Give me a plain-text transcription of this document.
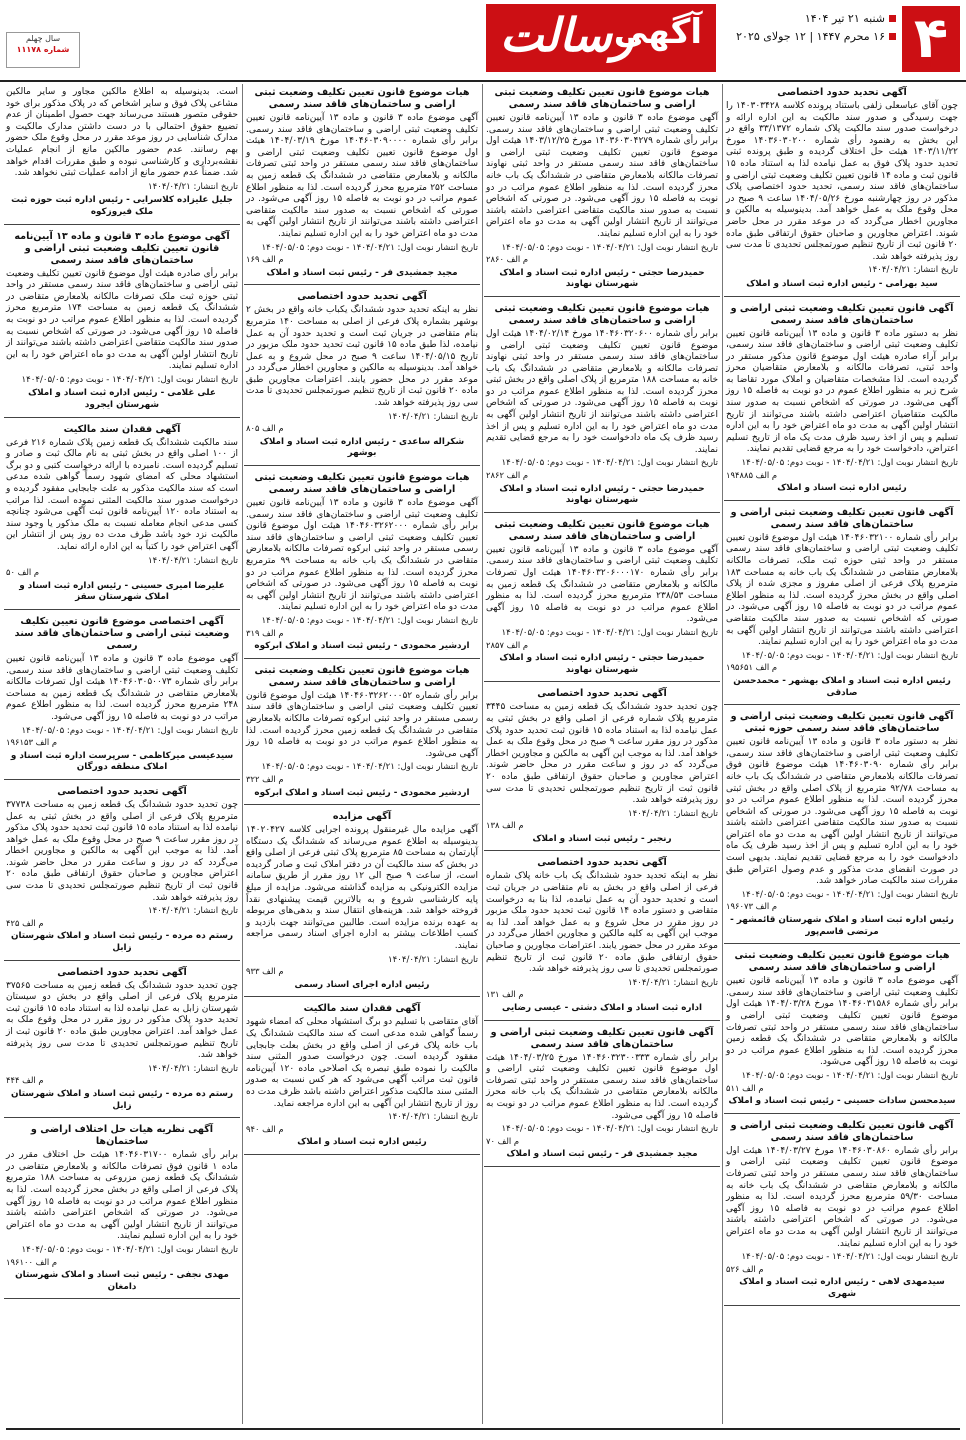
۴
شنبه ۲۱ تیر ۱۴۰۴
۱۶ محرم ۱۴۴۷ | ۱۲ جولای ۲۰۲۵
آگهی
رسالت
سال چهلم
شماره ۱۱۱۷۸
آگهی تحدید حدود اختصاصی

چون آقای عباسعلی زلفی باستناد پرونده کلاسه ۱۴۰۳۰۳۴۲۸ را جهت رسیدگی و صدور سند مالکیت به این اداره ارائه و درخواست صدور سند مالکیت پلاک شماره ۳۳/۱۳۷۲ واقع در این بخش به رهنمود رأی شماره ۱۴۰۳۶۰۳۰۲۰۰ مورخ ۱۴۰۳/۱۱/۲۲ هیئت حل اختلاف گردیده و طبق پرونده ثبتی تحدید حدود پلاک فوق به عمل نیامده لذا به استناد ماده ۱۵ قانون ثبت و ماده ۱۴ قانون تعیین تکلیف وضعیت ثبتی اراضی و ساختمان‌های فاقد سند رسمی، تحدید حدود اختصاصی پلاک مذکور در روز چهارشنبه مورخ ۱۴۰۴/۰۵/۲۶ ساعت ۹ صبح در محل وقوع ملک به عمل خواهد آمد. بدینوسیله به مالکین و مجاورین اخطار می‌گردد که در موعد مقرر در محل حاضر شوند. اعتراض مجاورین و صاحبان حقوق ارتفاقی طبق ماده ۲۰ قانون ثبت از تاریخ تنظیم صورتمجلس تحدیدی تا مدت سی روز پذیرفته خواهد شد.

تاریخ انتشار: ۱۴۰۴/۰۴/۲۱
سید بهرامی - رئیس اداره ثبت اسناد و املاک
آگهی قانون تعیین تکلیف وضعیت ثبتی اراضی و ساختمان‌های فاقد سند رسمی

نظر به دستور ماده ۳ قانون و ماده ۱۳ آیین‌نامه قانون تعیین تکلیف وضعیت ثبتی اراضی و ساختمان‌های فاقد سند رسمی، برابر آراء صادره هیئت اول موضوع قانون مذکور مستقر در واحد ثبتی، تصرفات مالکانه و بلامعارض متقاضیان محرز گردیده است. لذا مشخصات متقاضیان و املاک مورد تقاضا به شرح زیر به منظور اطلاع عموم در دو نوبت به فاصله ۱۵ روز آگهی می‌شود. در صورتی که اشخاص نسبت به صدور سند مالکیت متقاضیان اعتراضی داشته باشند می‌توانند از تاریخ انتشار اولین آگهی به مدت دو ماه اعتراض خود را به این اداره تسلیم و پس از اخذ رسید ظرف مدت یک ماه از تاریخ تسلیم اعتراض، دادخواست خود را به مرجع قضایی تقدیم نمایند.

تاریخ انتشار نوبت اول: ۱۴۰۴/۰۴/۲۱ - نوبت دوم: ۱۴۰۴/۰۵/۰۵
م الف ۱۹۴۸۸۵
رئیس اداره ثبت اسناد و املاک
آگهی قانون تعیین تکلیف وضعیت ثبتی اراضی و ساختمان‌های فاقد سند رسمی

برابر رأی شماره ۱۴۰۴۶۰۳۲۱۰۰ هیئت اول موضوع قانون تعیین تکلیف وضعیت ثبتی اراضی و ساختمان‌های فاقد سند رسمی مستقر در واحد ثبتی حوزه ثبت ملک، تصرفات مالکانه بلامعارض متقاضی در ششدانگ یک باب خانه به مساحت ۱۸۳ مترمربع پلاک فرعی از اصلی مفروز و مجزی شده از پلاک اصلی واقع در بخش محرز گردیده است. لذا به منظور اطلاع عموم مراتب در دو نوبت به فاصله ۱۵ روز آگهی می‌شود. در صورتی که اشخاص نسبت به صدور سند مالکیت متقاضی اعتراضی داشته باشند می‌توانند از تاریخ انتشار اولین آگهی به مدت دو ماه اعتراض خود را به این اداره تسلیم نمایند.

تاریخ انتشار نوبت اول: ۱۴۰۴/۰۴/۲۱ - نوبت دوم: ۱۴۰۴/۰۵/۰۵
م الف ۱۹۵۶۵۱
رئیس اداره ثبت اسناد و املاک بهشهر - محمدحسن صادقی
آگهی قانون تعیین تکلیف وضعیت ثبتی اراضی و ساختمان‌های فاقد سند رسمی حوزه ثبتی

نظر به دستور ماده ۳ قانون و ماده ۱۳ آیین‌نامه قانون تعیین تکلیف وضعیت ثبتی اراضی و ساختمان‌های فاقد سند رسمی، برابر رأی شماره ۱۴۰۴۶۰۳۰۹۰ هیئت موضوع قانون فوق تصرفات مالکانه بلامعارض متقاضی در ششدانگ یک باب خانه به مساحت ۹۲/۷۸ مترمربع از پلاک اصلی واقع در بخش ثبتی محرز گردیده است. لذا به منظور اطلاع عموم مراتب در دو نوبت به فاصله ۱۵ روز آگهی می‌شود. در صورتی که اشخاص نسبت به صدور سند مالکیت متقاضی اعتراضی داشته باشند می‌توانند از تاریخ انتشار اولین آگهی به مدت دو ماه اعتراض خود را به این اداره تسلیم و پس از اخذ رسید ظرف یک ماه دادخواست خود را به مرجع قضایی تقدیم نمایند. بدیهی است در صورت انقضای مدت مذکور و عدم وصول اعتراض طبق مقررات سند مالکیت صادر خواهد شد.

تاریخ انتشار نوبت اول: ۱۴۰۴/۰۴/۲۱ - نوبت دوم: ۱۴۰۴/۰۵/۰۵
م الف ۱۹۶۰۷۳
رئیس اداره ثبت اسناد و املاک شهرستان قائمشهر - مرتضی قاسم‌پور
هیات موضوع قانون تعیین تکلیف وضعیت ثبتی اراضی و ساختمان‌های فاقد سند رسمی

آگهی موضوع ماده ۳ قانون و ماده ۱۳ آیین‌نامه قانون تعیین تکلیف وضعیت ثبتی اراضی و ساختمان‌های فاقد سند رسمی. برابر رأی شماره ۱۴۰۴۶۰۳۱۵۸۶ مورخ ۱۴۰۴/۰۳/۲۸ هیئت اول موضوع قانون تعیین تکلیف وضعیت ثبتی اراضی و ساختمان‌های فاقد سند رسمی مستقر در واحد ثبتی تصرفات مالکانه و بلامعارض متقاضی در ششدانگ یک قطعه زمین محرز گردیده است. لذا به منظور اطلاع عموم مراتب در دو نوبت به فاصله ۱۵ روز آگهی می‌شود.

تاریخ انتشار نوبت اول: ۱۴۰۴/۰۴/۲۱ - نوبت دوم: ۱۴۰۴/۰۵/۰۵
م الف ۵۱۱
سیدمحسن سادات حسینی - رئیس ثبت اسناد و املاک
آگهی قانون تعیین تکلیف وضعیت ثبتی اراضی و ساختمان‌های فاقد سند رسمی

برابر رأی شماره ۱۴۰۴۶۰۳۰۸۶۰ مورخ ۱۴۰۴/۰۳/۲۷ هیئت اول موضوع قانون تعیین تکلیف وضعیت ثبتی اراضی و ساختمان‌های فاقد سند رسمی مستقر در واحد ثبتی تصرفات مالکانه و بلامعارض متقاضی در ششدانگ یک باب خانه به مساحت ۵۹/۳۰ مترمربع محرز گردیده است. لذا به منظور اطلاع عموم مراتب در دو نوبت به فاصله ۱۵ روز آگهی می‌شود. در صورتی که اشخاص اعتراضی داشته باشند می‌توانند از تاریخ انتشار اولین آگهی به مدت دو ماه اعتراض خود را به این اداره تسلیم نمایند.

تاریخ انتشار نوبت اول: ۱۴۰۴/۰۴/۲۱ - نوبت دوم: ۱۴۰۴/۰۵/۰۵
م الف ۵۲۶
سیدمهدی لاهی - رئیس اداره ثبت اسناد و املاک شهری
هیات موضوع قانون تعیین تکلیف وضعیت ثبتی اراضی و ساختمان‌های فاقد سند رسمی

آگهی موضوع ماده ۳ قانون و ماده ۱۳ آیین‌نامه قانون تعیین تکلیف وضعیت ثبتی اراضی و ساختمان‌های فاقد سند رسمی. برابر رأی شماره ۱۴۰۳۶۰۳۰۴۲۷۹ مورخ ۱۴۰۳/۱۲/۲۵ هیئت اول موضوع قانون تعیین تکلیف وضعیت ثبتی اراضی و ساختمان‌های فاقد سند رسمی مستقر در واحد ثبتی نهاوند تصرفات مالکانه بلامعارض متقاضی در ششدانگ یک باب خانه محرز گردیده است. لذا به منظور اطلاع عموم مراتب در دو نوبت به فاصله ۱۵ روز آگهی می‌شود. در صورتی که اشخاص نسبت به صدور سند مالکیت متقاضی اعتراضی داشته باشند می‌توانند از تاریخ انتشار اولین آگهی به مدت دو ماه اعتراض خود را به این اداره تسلیم نمایند.

تاریخ انتشار نوبت اول: ۱۴۰۴/۰۴/۲۱ - نوبت دوم: ۱۴۰۴/۰۵/۰۵
م الف ۲۸۶۰
حمیدرضا حجتی - رئیس اداره ثبت اسناد و املاک شهرستان نهاوند
هیات موضوع قانون تعیین تکلیف وضعیت ثبتی اراضی و ساختمان‌های فاقد سند رسمی

برابر رأی شماره ۱۴۰۴۶۰۳۲۰۶۰۰ مورخ ۱۴۰۴/۰۲/۱۴ هیئت اول موضوع قانون تعیین تکلیف وضعیت ثبتی اراضی و ساختمان‌های فاقد سند رسمی مستقر در واحد ثبتی نهاوند تصرفات مالکانه و بلامعارض متقاضی در ششدانگ یک باب خانه به مساحت ۱۸۸ مترمربع از پلاک اصلی واقع در بخش ثبتی محرز گردیده است. لذا به منظور اطلاع عموم مراتب در دو نوبت به فاصله ۱۵ روز آگهی می‌شود. در صورتی که اشخاص اعتراضی داشته باشند می‌توانند از تاریخ انتشار اولین آگهی به مدت دو ماه اعتراض خود را به این اداره تسلیم و پس از اخذ رسید ظرف یک ماه دادخواست خود را به مرجع قضایی تقدیم نمایند.

تاریخ انتشار نوبت اول: ۱۴۰۴/۰۴/۲۱ - نوبت دوم: ۱۴۰۴/۰۵/۰۵
م الف ۲۸۶۲
حمیدرضا حجتی - رئیس اداره ثبت اسناد و املاک شهرستان نهاوند
هیات موضوع قانون تعیین تکلیف وضعیت ثبتی اراضی و ساختمان‌های فاقد سند رسمی

آگهی موضوع ماده ۳ قانون و ماده ۱۳ آیین‌نامه قانون تعیین تکلیف وضعیت ثبتی اراضی و ساختمان‌های فاقد سند رسمی. برابر رأی شماره ۱۴۰۴۶۰۳۲۰۶۰۰۰۱۷۰ هیئت اول تصرفات مالکانه و بلامعارض متقاضی در ششدانگ یک قطعه زمین به مساحت ۲۳۸/۵۳ مترمربع محرز گردیده است. لذا به منظور اطلاع عموم مراتب در دو نوبت به فاصله ۱۵ روز آگهی می‌شود.

تاریخ انتشار نوبت اول: ۱۴۰۴/۰۴/۲۱ - نوبت دوم: ۱۴۰۴/۰۵/۰۵
م الف ۲۸۵۷
حمیدرضا حجتی - رئیس اداره ثبت اسناد و املاک شهرستان نهاوند
آگهی تحدید حدود اختصاصی

چون تحدید حدود ششدانگ یک قطعه زمین به مساحت ۳۴۴۵ مترمربع پلاک شماره فرعی از اصلی واقع در بخش ثبتی به عمل نیامده لذا به استناد ماده ۱۵ قانون ثبت تحدید حدود پلاک مذکور در روز مقرر ساعت ۹ صبح در محل وقوع ملک به عمل خواهد آمد. لذا به موجب این آگهی به مالکین و مجاورین اخطار می‌گردد که در روز و ساعت مقرر در محل حاضر شوند. اعتراض مجاورین و صاحبان حقوق ارتفاقی طبق ماده ۲۰ قانون ثبت از تاریخ تنظیم صورتمجلس تحدیدی تا مدت سی روز پذیرفته خواهد شد.

تاریخ انتشار: ۱۴۰۴/۰۴/۲۱
م الف ۱۳۸
رنجبر - رئیس ثبت اسناد و املاک
آگهی تحدید حدود اختصاصی

نظر به اینکه تحدید حدود ششدانگ یک باب خانه پلاک شماره فرعی از اصلی واقع در بخش به نام متقاضی در جریان ثبت است و تحدید حدود آن به عمل نیامده، لذا بنا به درخواست متقاضی و دستور ماده ۱۴ قانون ثبت تحدید حدود ملک مزبور در روز مقرر در محل شروع و به عمل خواهد آمد. لذا به موجب این آگهی به کلیه مالکین و مجاورین اخطار می‌گردد در موعد مقرر در محل حضور یابند. اعتراضات مجاورین و صاحبان حقوق ارتفاقی طبق ماده ۲۰ قانون ثبت از تاریخ تنظیم صورتمجلس تحدیدی تا سی روز پذیرفته خواهد شد.

تاریخ انتشار: ۱۴۰۴/۰۴/۲۱
م الف ۱۳۱
اداره ثبت اسناد و املاک دشتی - عیسی رضایی
آگهی قانون تعیین تکلیف وضعیت ثبتی اراضی و ساختمان‌های فاقد سند رسمی

برابر رأی شماره ۱۴۰۴۶۰۳۲۳۰۰۳۳۳ مورخ ۱۴۰۴/۰۳/۲۵ هیئت اول موضوع قانون تعیین تکلیف وضعیت ثبتی اراضی و ساختمان‌های فاقد سند رسمی مستقر در واحد ثبتی تصرفات مالکانه بلامعارض متقاضی در ششدانگ یک باب خانه محرز گردیده است. لذا به منظور اطلاع عموم مراتب در دو نوبت به فاصله ۱۵ روز آگهی می‌شود.

تاریخ انتشار نوبت اول: ۱۴۰۴/۰۴/۲۱ - نوبت دوم: ۱۴۰۴/۰۵/۰۵
م الف ۷۰
مجید جمشیدی فر - رئیس ثبت اسناد و املاک
هیات موضوع قانون تعیین تکلیف وضعیت ثبتی اراضی و ساختمان‌های فاقد سند رسمی

آگهی موضوع ماده ۳ قانون و ماده ۱۳ آیین‌نامه قانون تعیین تکلیف وضعیت ثبتی اراضی و ساختمان‌های فاقد سند رسمی. برابر رأی شماره ۱۴۰۴۶۰۳۰۹۰۰۰۰ مورخ ۱۴۰۴/۰۳/۱۹ هیئت اول موضوع قانون تعیین تکلیف وضعیت ثبتی اراضی و ساختمان‌های فاقد سند رسمی مستقر در واحد ثبتی تصرفات مالکانه و بلامعارض متقاضی در ششدانگ یک قطعه زمین به مساحت ۲۵۲ مترمربع محرز گردیده است. لذا به منظور اطلاع عموم مراتب در دو نوبت به فاصله ۱۵ روز آگهی می‌شود. در صورتی که اشخاص نسبت به صدور سند مالکیت متقاضی اعتراضی داشته باشند می‌توانند از تاریخ انتشار اولین آگهی به مدت دو ماه اعتراض خود را به این اداره تسلیم نمایند.

تاریخ انتشار نوبت اول: ۱۴۰۴/۰۴/۲۱ - نوبت دوم: ۱۴۰۴/۰۵/۰۵
م الف ۱۶۹
مجید جمشیدی فر - رئیس ثبت اسناد و املاک
آگهی تحدید حدود اختصاصی

نظر به اینکه تحدید حدود ششدانگ یکباب خانه واقع در بخش ۲ بوشهر بشماره پلاک فرعی از اصلی به مساحت ۱۴۰ مترمربع بنام متقاضی در جریان ثبت است و تحدید حدود آن به عمل نیامده، لذا طبق ماده ۱۵ قانون ثبت تحدید حدود ملک مزبور در تاریخ ۱۴۰۴/۰۵/۱۵ ساعت ۹ صبح در محل شروع و به عمل خواهد آمد. بدینوسیله به مالکین و مجاورین اخطار می‌گردد در موعد مقرر در محل حضور یابند. اعتراضات مجاورین طبق ماده ۲۰ قانون ثبت از تاریخ تنظیم صورتمجلس تحدیدی تا مدت سی روز پذیرفته خواهد شد.

تاریخ انتشار: ۱۴۰۴/۰۴/۲۱
م الف ۸۰۵
شکراله ساعدی - رئیس اداره ثبت اسناد و املاک بوشهر
هیات موضوع قانون تعیین تکلیف وضعیت ثبتی اراضی و ساختمان‌های فاقد سند رسمی

آگهی موضوع ماده ۳ قانون و ماده ۱۳ آیین‌نامه قانون تعیین تکلیف وضعیت ثبتی اراضی و ساختمان‌های فاقد سند رسمی. برابر رأی شماره ۱۴۰۴۶۰۳۲۶۲۰۰۰ هیئت اول موضوع قانون تعیین تکلیف وضعیت ثبتی اراضی و ساختمان‌های فاقد سند رسمی مستقر در واحد ثبتی ابرکوه تصرفات مالکانه بلامعارض متقاضی در ششدانگ یک باب خانه به مساحت ۹۹ مترمربع محرز گردیده است. لذا به منظور اطلاع عموم مراتب در دو نوبت به فاصله ۱۵ روز آگهی می‌شود. در صورتی که اشخاص اعتراضی داشته باشند می‌توانند از تاریخ انتشار اولین آگهی به مدت دو ماه اعتراض خود را به این اداره تسلیم نمایند.

تاریخ انتشار نوبت اول: ۱۴۰۴/۰۴/۲۱ - نوبت دوم: ۱۴۰۴/۰۵/۰۵
م الف ۳۱۹
اردشیر محمودی - رئیس ثبت اسناد و املاک ابرکوه
هیات موضوع قانون تعیین تکلیف وضعیت ثبتی اراضی و ساختمان‌های فاقد سند رسمی

برابر رأی شماره ۱۴۰۴۶۰۳۲۶۲۰۰۰۵۲ هیئت اول موضوع قانون تعیین تکلیف وضعیت ثبتی اراضی و ساختمان‌های فاقد سند رسمی مستقر در واحد ثبتی ابرکوه تصرفات مالکانه بلامعارض متقاضی در ششدانگ یک قطعه زمین محرز گردیده است. لذا به منظور اطلاع عموم مراتب در دو نوبت به فاصله ۱۵ روز آگهی می‌شود.

تاریخ انتشار نوبت اول: ۱۴۰۴/۰۴/۲۱ - نوبت دوم: ۱۴۰۴/۰۵/۰۵
م الف ۳۲۲
اردشیر محمودی - رئیس ثبت اسناد و املاک ابرکوه
آگهی مزایده

آگهی مزایده مال غیرمنقول پرونده اجرایی کلاسه ۱۴۰۲۰۴۲۷ بدینوسیله به اطلاع عموم می‌رساند که ششدانگ یک دستگاه آپارتمان به مساحت ۸۵ مترمربع پلاک ثبتی فرعی از اصلی واقع در بخش که سند مالکیت آن در دفتر املاک ثبت و صادر گردیده است، از ساعت ۹ صبح الی ۱۲ روز مقرر از طریق سامانه مزایده الکترونیکی به مزایده گذاشته می‌شود. مزایده از مبلغ پایه کارشناسی شروع و به بالاترین قیمت پیشنهادی نقداً فروخته خواهد شد. هزینه‌های انتقال سند و بدهی‌های مربوطه به عهده برنده مزایده است. طالبین می‌توانند جهت بازدید و کسب اطلاعات بیشتر به اداره اجرای اسناد رسمی مراجعه نمایند.

تاریخ انتشار: ۱۴۰۴/۰۴/۲۱
م الف ۹۳۳
رئیس اداره اجرای اسناد رسمی
آگهی فقدان سند مالکیت

آقای متقاضی با تسلیم دو برگ استشهاد محلی که امضاء شهود رسماً گواهی شده مدعی است که سند مالکیت ششدانگ یک باب خانه پلاک فرعی از اصلی واقع در بخش بعلت جابجایی مفقود گردیده است. چون درخواست صدور المثنی سند مالکیت را نموده طبق تبصره یک اصلاحی ماده ۱۲۰ آیین‌نامه قانون ثبت مراتب آگهی می‌شود که هر کس نسبت به صدور المثنی سند مالکیت مذکور اعتراض داشته باشد ظرف مدت ده روز از تاریخ انتشار این آگهی به این اداره مراجعه نماید.

تاریخ انتشار: ۱۴۰۴/۰۴/۲۱
م الف ۹۴۰
رئیس اداره ثبت اسناد و املاک

است. بدینوسیله به اطلاع مالکین مجاور و سایر مالکین مشاعی پلاک فوق و سایر اشخاص که در پلاک مذکور برای خود حقوقی متصور هستند می‌رساند جهت حصول اطمینان از عدم تضییع حقوق احتمالی با در دست داشتن مدارک مالکیت و مدارک شناسایی در روز موعد مقرر در محل وقوع ملک حضور بهم رسانند. عدم حضور مالکین مانع از انجام عملیات نقشه‌برداری و کارشناسی نبوده و طبق مقررات اقدام خواهد شد. ضمناً عدم حضور مانع از ادامه عملیات ثبتی نخواهد شد.

تاریخ انتشار: ۱۴۰۴/۰۴/۲۱
جلیل علیزاده کلاسرایی - رئیس اداره ثبت حوزه ثبت ملک فیروزکوه
آگهی موضوع ماده ۳ قانون و ماده ۱۳ آیین‌نامه قانون تعیین تکلیف وضعیت ثبتی اراضی و ساختمان‌های فاقد سند رسمی

برابر رأی صادره هیئت اول موضوع قانون تعیین تکلیف وضعیت ثبتی اراضی و ساختمان‌های فاقد سند رسمی مستقر در واحد ثبتی حوزه ثبت ملک تصرفات مالکانه بلامعارض متقاضی در ششدانگ یک قطعه زمین به مساحت ۱۷۴ مترمربع محرز گردیده است. لذا به منظور اطلاع عموم مراتب در دو نوبت به فاصله ۱۵ روز آگهی می‌شود. در صورتی که اشخاص نسبت به صدور سند مالکیت متقاضی اعتراضی داشته باشند می‌توانند از تاریخ انتشار اولین آگهی به مدت دو ماه اعتراض خود را به این اداره تسلیم نمایند.

تاریخ انتشار نوبت اول: ۱۴۰۴/۰۴/۲۱ - نوبت دوم: ۱۴۰۴/۰۵/۰۵
علی غلامی - رئیس اداره ثبت اسناد و املاک شهرستان ایجرود
آگهی فقدان سند مالکیت

سند مالکیت ششدانگ یک قطعه زمین پلاک شماره ۲۱۶ فرعی از ۱۰۰ اصلی واقع در بخش ثبتی به نام مالک ثبت و صادر و تسلیم گردیده است. نامبرده با ارائه درخواست کتبی و دو برگ استشهاد محلی که امضای شهود رسماً گواهی شده مدعی است که سند مالکیت مذکور به علت جابجایی مفقود گردیده و درخواست صدور سند مالکیت المثنی نموده است. لذا مراتب به استناد ماده ۱۲۰ آیین‌نامه قانون ثبت آگهی می‌شود چنانچه کسی مدعی انجام معامله نسبت به ملک مذکور یا وجود سند مالکیت نزد خود باشد ظرف مدت ده روز پس از انتشار این آگهی اعتراض خود را کتباً به این اداره ارائه نماید.

تاریخ انتشار: ۱۴۰۴/۰۴/۲۱
م الف ۵۰
علیرضا امیری حسینی - رئیس اداره ثبت اسناد و املاک شهرستان سقز
آگهی اختصاصی موضوع قانون تعیین تکلیف وضعیت ثبتی اراضی و ساختمان‌های فاقد سند رسمی

آگهی موضوع ماده ۳ قانون و ماده ۱۳ آیین‌نامه قانون تعیین تکلیف وضعیت ثبتی اراضی و ساختمان‌های فاقد سند رسمی. برابر رأی شماره ۱۴۰۴۶۰۳۰۵۰۰۷۳ هیئت اول تصرفات مالکانه بلامعارض متقاضی در ششدانگ یک قطعه زمین به مساحت ۲۴۸ مترمربع محرز گردیده است. لذا به منظور اطلاع عموم مراتب در دو نوبت به فاصله ۱۵ روز آگهی می‌شود.

تاریخ انتشار نوبت اول: ۱۴۰۴/۰۴/۲۱ - نوبت دوم: ۱۴۰۴/۰۵/۰۵
م الف ۱۹۶۱۵۳
سیدعیسی میرکاظمی - سرپرست اداره ثبت اسناد و املاک منطقه دورگان
آگهی تحدید حدود اختصاصی

چون تحدید حدود ششدانگ یک قطعه زمین به مساحت ۳۷۷۳۸ مترمربع پلاک فرعی از اصلی واقع در بخش ثبتی به عمل نیامده لذا به استناد ماده ۱۵ قانون ثبت تحدید حدود پلاک مذکور در روز مقرر ساعت ۹ صبح در محل وقوع ملک به عمل خواهد آمد. لذا به موجب این آگهی به مالکین و مجاورین اخطار می‌گردد که در روز و ساعت مقرر در محل حاضر شوند. اعتراض مجاورین و صاحبان حقوق ارتفاقی طبق ماده ۲۰ قانون ثبت از تاریخ تنظیم صورتمجلس تحدیدی تا مدت سی روز پذیرفته خواهد شد.

تاریخ انتشار: ۱۴۰۴/۰۴/۲۱
م الف ۴۲۵
رستم ده مرده - رئیس ثبت اسناد و املاک شهرستان زابل
آگهی تحدید حدود اختصاصی

چون تحدید حدود ششدانگ یک قطعه زمین به مساحت ۳۷۵۶۵ مترمربع پلاک فرعی از اصلی واقع در بخش دو سیستان شهرستان زابل به عمل نیامده لذا به استناد ماده ۱۵ قانون ثبت تحدید حدود پلاک مذکور در روز مقرر در محل وقوع ملک به عمل خواهد آمد. اعتراض مجاورین طبق ماده ۲۰ قانون ثبت از تاریخ تنظیم صورتمجلس تحدیدی تا مدت سی روز پذیرفته خواهد شد.

تاریخ انتشار: ۱۴۰۴/۰۴/۲۱
م الف ۴۴۴
رستم ده مرده - رئیس ثبت اسناد و املاک شهرستان زابل
آگهی نظریه هیات حل اختلاف اراضی و ساختمان‌ها

برابر رأی شماره ۱۴۰۴۶۰۳۱۷۰۰ هیئت حل اختلاف مقرر در ماده ۱ قانون فوق تصرفات مالکانه و بلامعارض متقاضی در ششدانگ یک قطعه زمین مزروعی به مساحت ۱۸۸ مترمربع پلاک فرعی از اصلی واقع در بخش محرز گردیده است. لذا به منظور اطلاع عموم مراتب در دو نوبت به فاصله ۱۵ روز آگهی می‌شود. در صورتی که اشخاص اعتراضی داشته باشند می‌توانند از تاریخ انتشار اولین آگهی به مدت دو ماه اعتراض خود را به این اداره تسلیم نمایند.

تاریخ انتشار نوبت اول: ۱۴۰۴/۰۴/۲۱ - نوبت دوم: ۱۴۰۴/۰۵/۰۵
م الف ۱۹۶۱۰۰
مهدی نجفی - رئیس ثبت اسناد و املاک شهرستان دامغان
